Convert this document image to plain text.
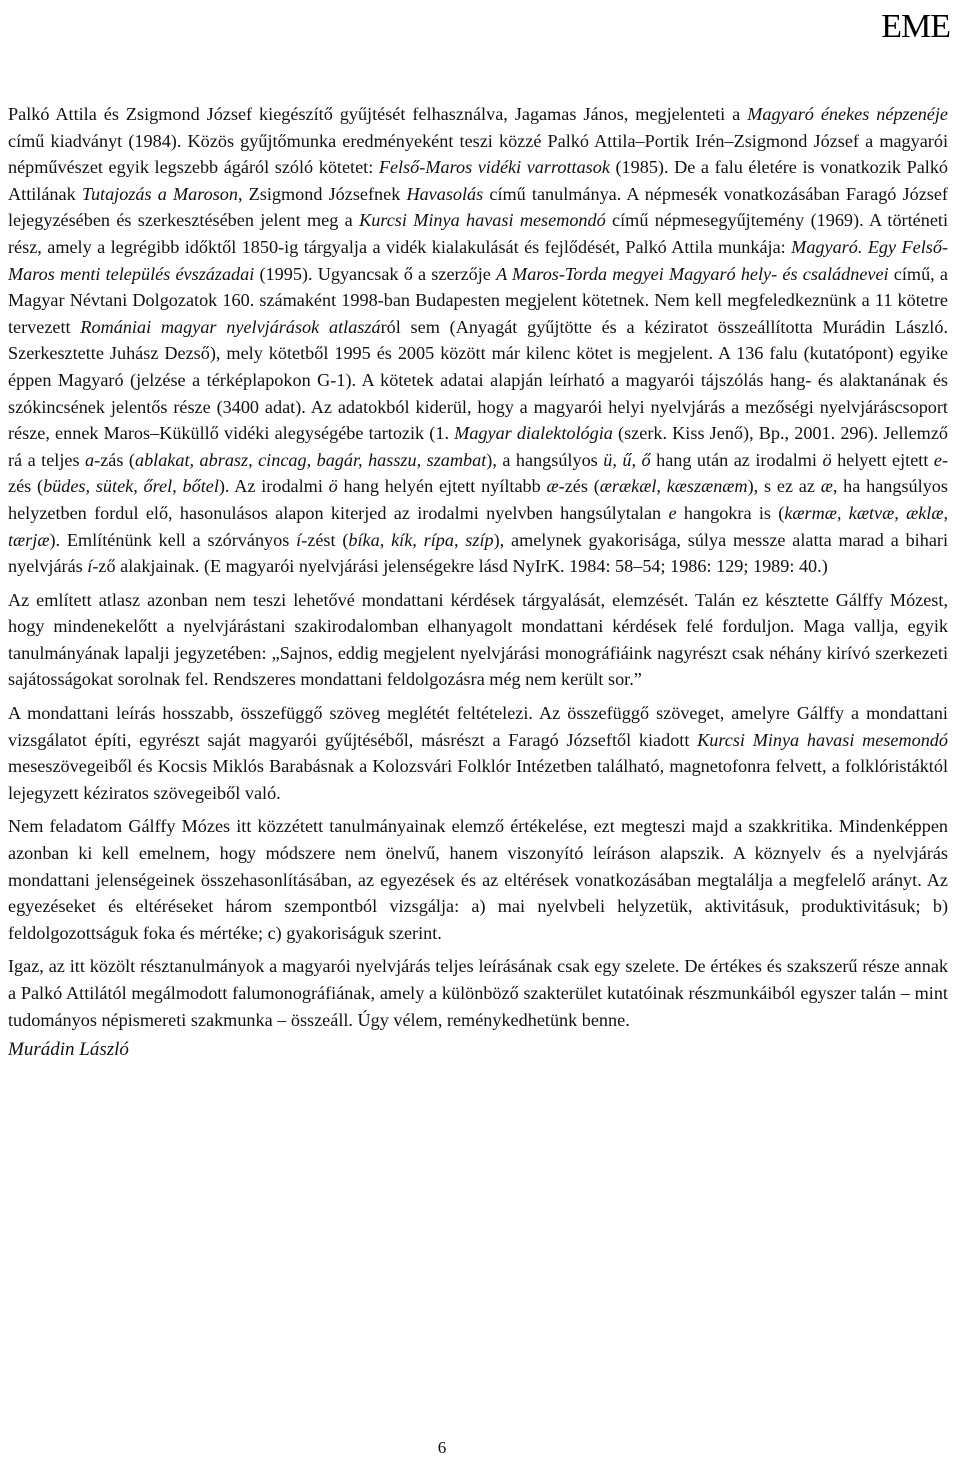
EME

Palkó Attila és Zsigmond József kiegészítő gyűjtését felhasználva, Jagamas János, megjelenteti a Magyaró énekes népzenéje című kiadványt (1984). Közös gyűjtőmunka eredményeként teszi közzé Palkó Attila–Portik Irén–Zsigmond József a magyarói népművészet egyik legszebb ágáról szóló kötetet: Felső-Maros vidéki varrottasok (1985). De a falu életére is vonatkozik Palkó Attilának Tutajozás a Maroson, Zsigmond Józsefnek Havasolás című tanulmánya. A népmesék vonatkozásában Faragó József lejegyzésében és szerkesztésében jelent meg a Kurcsi Minya havasi mesemondó című népmesegyűjtemény (1969). A történeti rész, amely a legrégibb időktől 1850-ig tárgyalja a vidék kialakulását és fejlődését, Palkó Attila munkája: Magyaró. Egy Felső-Maros menti település évszázadai (1995). Ugyancsak ő a szerzője A Maros-Torda megyei Magyaró hely- és családnevei című, a Magyar Névtani Dolgozatok 160. számaként 1998-ban Budapesten megjelent kötetnek. Nem kell megfeledkeznünk a 11 kötetre tervezett Romániai magyar nyelvjárások atlaszáról sem (Anyagát gyűjtötte és a kéziratot összeállította Murádin László. Szerkesztette Juhász Dezső), mely kötetből 1995 és 2005 között már kilenc kötet is megjelent. A 136 falu (kutatópont) egyike éppen Magyaró (jelzése a térképlapokon G-1). A kötetek adatai alapján leírható a magyarói tájszólás hang- és alaktanának és szókincsének jelentős része (3400 adat). Az adatokból kiderül, hogy a magyarói helyi nyelvjárás a mezőségi nyelvjáráscsoport része, ennek Maros–Küküllő vidéki alegységébe tartozik (1. Magyar dialektológia (szerk. Kiss Jenő), Bp., 2001. 296). Jellemző rá a teljes a-zás (ablakat, abrasz, cincag, bagár, hasszu, szambat), a hangsúlyos ü, ű, ő hang után az irodalmi ö helyett ejtett e-zés (büdes, sütek, őrel, bőtel). Az irodalmi ö hang helyén ejtett nyíltabb æ-zés (ærækæl, kæszænæm), s ez az æ, ha hangsúlyos helyzetben fordul elő, hasonulásos alapon kiterjed az irodalmi nyelvben hangsúlytalan e hangokra is (kærmæ, kætvæ, æklæ, tærjæ). Említénünk kell a szórványos í-zést (bíka, kík, rípa, szíp), amelynek gyakorisága, súlya messze alatta marad a bihari nyelvjárás í-ző alakjainak. (E magyarói nyelvjárási jelenségekre lásd NyIrK. 1984: 58–54; 1986: 129; 1989: 40.)

Az említett atlasz azonban nem teszi lehetővé mondattani kérdések tárgyalását, elemzését. Talán ez késztette Gálffy Mózest, hogy mindenekelőtt a nyelvjárástani szakirodalomban elhanyagolt mondattani kérdések felé forduljon. Maga vallja, egyik tanulmányának lapalji jegyzetében: „Sajnos, eddig megjelent nyelvjárási monográfiáink nagyrészt csak néhány kirívó szerkezeti sajátosságokat sorolnak fel. Rendszeres mondattani feldolgozásra még nem került sor.”

A mondattani leírás hosszabb, összefüggő szöveg meglétét feltételezi. Az összefüggő szöveget, amelyre Gálffy a mondattani vizsgálatot építi, egyrészt saját magyarói gyűjtéséből, másrészt a Faragó Józseftől kiadott Kurcsi Minya havasi mesemondó meseszövegeiből és Kocsis Miklós Barabásnak a Kolozsvári Folklór Intézetben található, magnetofonra felvett, a folklóristáktól lejegyzett kéziratos szövegeiből való.

Nem feladatom Gálffy Mózes itt közzétett tanulmányainak elemző értékelése, ezt megteszi majd a szakkritika. Mindenképpen azonban ki kell emelnem, hogy módszere nem önelvű, hanem viszonyító leíráson alapszik. A köznyelv és a nyelvjárás mondattani jelenségeinek összehasonlításában, az egyezések és az eltérések vonatkozásában megtalálja a megfelelő arányt. Az egyezéseket és eltéréseket három szempontból vizsgálja: a) mai nyelvbeli helyzetük, aktivitásuk, produktivitásuk; b) feldolgozottságuk foka és mértéke; c) gyakoriságuk szerint.

Igaz, az itt közölt résztanulmányok a magyarói nyelvjárás teljes leírásának csak egy szelete. De értékes és szakszerű része annak a Palkó Attilától megálmodott falumonográfiának, amely a különböző szakterület kutatóinak részmunkáiból egyszer talán – mint tudományos népismereti szakmunka – összeáll. Úgy vélem, reménykedhetünk benne.

Murádin László
6
